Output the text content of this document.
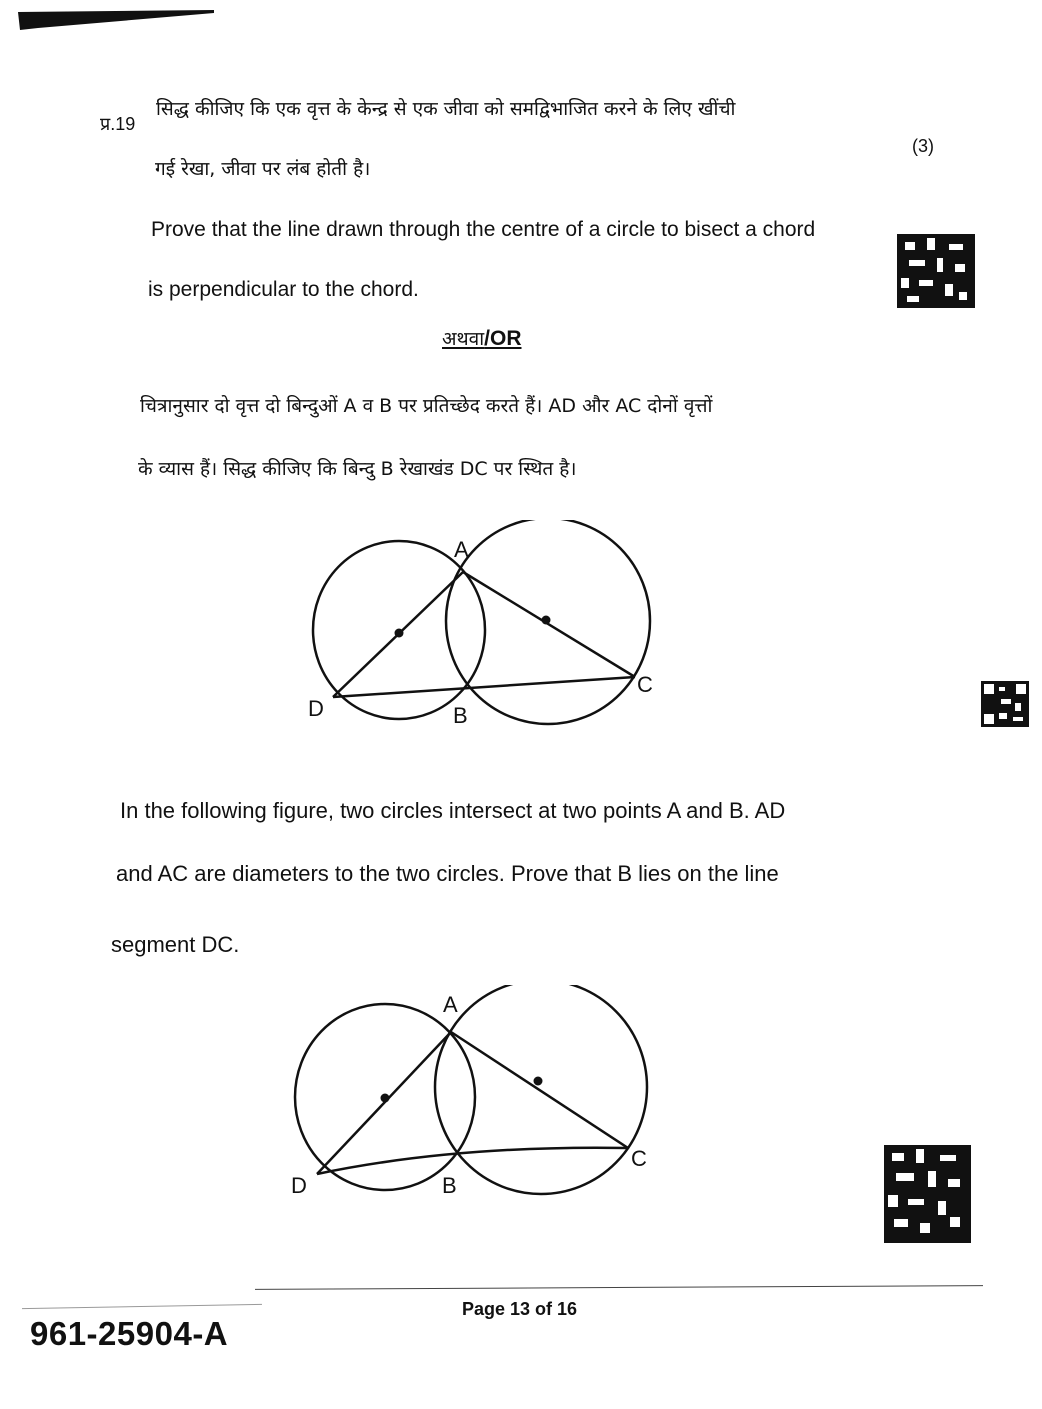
प्र.19
(3)
सिद्ध कीजिए कि एक वृत्त के केन्द्र से एक जीवा को समद्विभाजित करने के लिए खींची
गई रेखा, जीवा पर लंब होती है।
Prove that the line drawn through the centre of a circle to bisect a chord
is perpendicular to the chord.
अथवा/OR
चित्रानुसार दो वृत्त दो बिन्दुओं A व B पर प्रतिच्छेद करते हैं। AD और AC दोनों वृत्तों
के व्यास हैं। सिद्ध कीजिए कि बिन्दु B रेखाखंड DC पर स्थित है।
A
B
C
D
In the following figure, two circles intersect at two points A and B. AD
and AC are diameters to the two circles. Prove that B lies on the line
segment DC.
A
B
C
D
Page 13 of 16
961-25904-A
